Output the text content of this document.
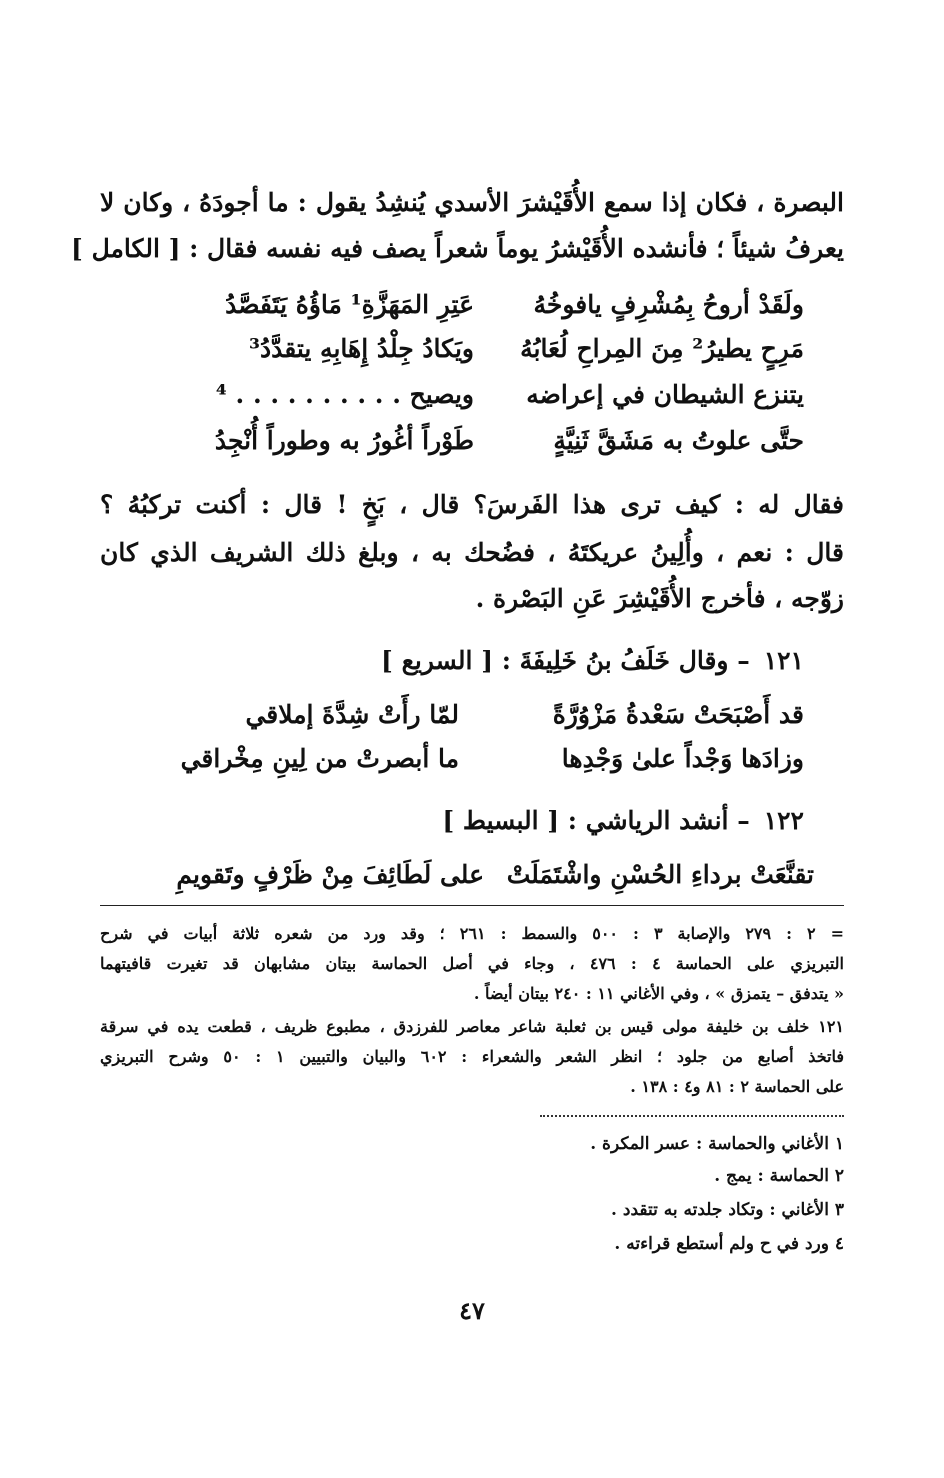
البصرة ، فكان إذا سمع الأُقَيْشرَ الأسدي يُنشِدُ يقول : ما أجودَهُ ، وكان لا
يعرفُ شيئاً ؛ فأنشده الأُقَيْشرُ يوماً شعراً يصف فيه نفسه فقال : [ الكامل ]
ولَقَدْ أروحُ بِمُشْرِفٍ يافوخُهُ
عَتِرِ المَهَزَّةِ¹ مَاؤُهُ يَتَفَصَّدُ
مَرِحٍ يطيرُ² مِنَ المِراحِ لُعَابُهُ
ويَكادُ جِلْدُ إِهَابِهِ يتقدَّدُ³
يتنزع الشيطان في إعراضه
ويصيح . . . . . . . . . . ⁴
حتَّى علوتُ به مَشَقَّ ثَنِيَّةٍ
طَوْراً أغُورُ به وطوراً أُنْجِدُ
فقال له : كيف ترى هذا الفَرسَ؟ قال ، بَخٍ ! قال : أكنت تركبُهُ ؟
قال : نعم ، وأُلِينُ عريكتَهُ ، فضُحك به ، وبلغ ذلك الشريف الذي كان
زوّجه ، فأخرج الأُقَيْشِرَ عَنِ البَصْرة .
١٢١– وقال خَلَفُ بنُ خَلِيفَةَ : [ السريع ]
قد أَصْبَحَتْ سَعْدةُ مَزْوُرَّةً
لمّا رأَتْ شِدَّةَ إملاقي
وزادَها وَجْداً علىٰ وَجْدِها
ما أبصرتْ من لِينِ مِخْراقي
١٢٢– أنشد الرياشي : [ البسيط ]
تقنَّعَتْ برداءِ الحُسْنِ واشْتَمَلَتْ
على لَطَائِفَ مِنْ ظَرْفٍ وتَقويمِ
= ٢ : ٢٧٩ والإصابة ٣ : ٥٠٠ والسمط : ٢٦١ ؛ وقد ورد من شعره ثلاثة أبيات في شرح
التبريزي على الحماسة ٤ : ٤٧٦ ، وجاء في أصل الحماسة بيتان مشابهان قد تغيرت قافيتهما
« يتدفق – يتمزق » ، وفي الأغاني ١١ : ٢٤٠ بيتان أيضاً .
١٢١ خلف بن خليفة مولى قيس بن ثعلبة شاعر معاصر للفرزدق ، مطبوع ظريف ، قطعت يده في سرقة
فاتخذ أصابع من جلود ؛ انظر الشعر والشعراء : ٦٠٢ والبيان والتبيين ١ : ٥٠ وشرح التبريزي
على الحماسة ٢ : ٨١ و٤ : ١٣٨ .
١ الأغاني والحماسة : عسر المكرة .
٢ الحماسة : يمج .
٣ الأغاني : وتكاد جلدته به تتقدد .
٤ ورد في ح ولم أستطع قراءته .
٤٧
